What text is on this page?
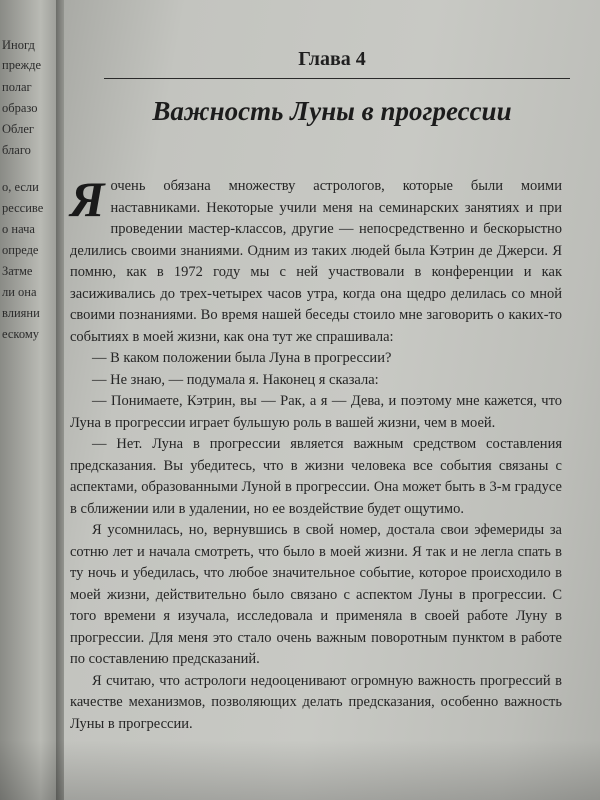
Иногд
прежде
полаг
образо
Облег
благо
о, если
рессиве
о нача
опреде
Затме
ли она
влияни
ескому
Глава 4
Важность Луны в прогрессии

Я очень обязана множеству астрологов, которые были моими наставниками. Некоторые учили меня на семинарских занятиях и при проведении мастер-классов, другие — непосредственно и бескорыстно делились своими знаниями. Одним из таких людей была Кэтрин де Джерси. Я помню, как в 1972 году мы с ней участвовали в конференции и как засиживались до трех-четырех часов утра, когда она щедро делилась со мной своими познаниями. Во время нашей беседы стоило мне заговорить о каких-то событиях в моей жизни, как она тут же спрашивала:

— В каком положении была Луна в прогрессии?

— Не знаю, — подумала я. Наконец я сказала:

— Понимаете, Кэтрин, вы — Рак, а я — Дева, и поэтому мне кажется, что Луна в прогрессии играет бульшую роль в вашей жизни, чем в моей.

— Нет. Луна в прогрессии является важным средством составления предсказания. Вы убедитесь, что в жизни человека все события связаны с аспектами, образованными Луной в прогрессии. Она может быть в 3-м градусе в сближении или в удалении, но ее воздействие будет ощутимо.

Я усомнилась, но, вернувшись в свой номер, достала свои эфемериды за сотню лет и начала смотреть, что было в моей жизни. Я так и не легла спать в ту ночь и убедилась, что любое значительное событие, которое происходило в моей жизни, действительно было связано с аспектом Луны в прогрессии. С того времени я изучала, исследовала и применяла в своей работе Луну в прогрессии. Для меня это стало очень важным поворотным пунктом в работе по составлению предсказаний.

Я считаю, что астрологи недооценивают огромную важность прогрессий в качестве механизмов, позволяющих делать предсказания, особенно важность Луны в прогрессии.
